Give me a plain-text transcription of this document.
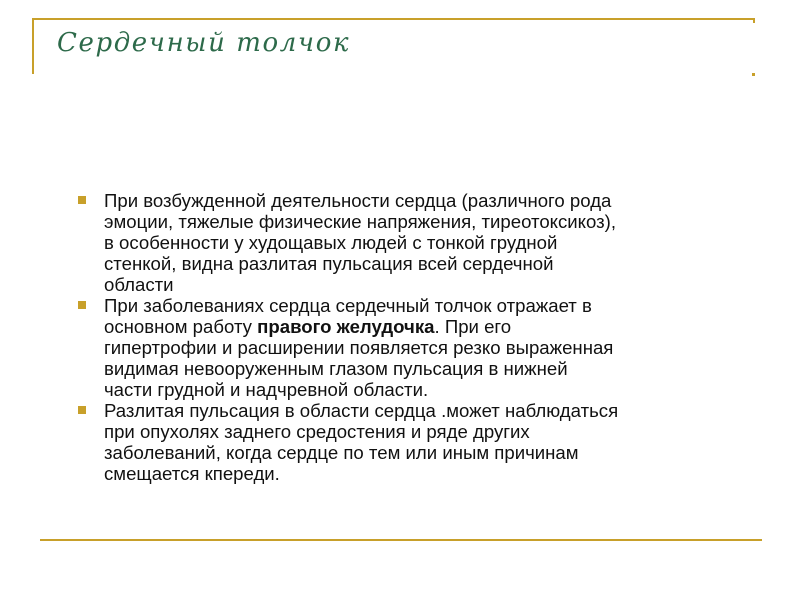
Сердечный толчок
При возбужденной деятельности сердца (различного рода
эмоции, тяжелые физические напряжения, тиреотоксикоз),
в особенности у худощавых людей с тонкой грудной
стенкой, видна разлитая пульсация всей сердечной
области
При заболеваниях сердца сердечный толчок отражает в
основном работу правого желудочка. При его
гипертрофии и расширении появляется резко выраженная
видимая невооруженным глазом пульсация в нижней
части грудной и надчревной области.
Разлитая пульсация в области сердца .может наблюдаться
при опухолях заднего средостения и ряде других
заболеваний, когда сердце по тем или иным причинам
смещается кпереди.
